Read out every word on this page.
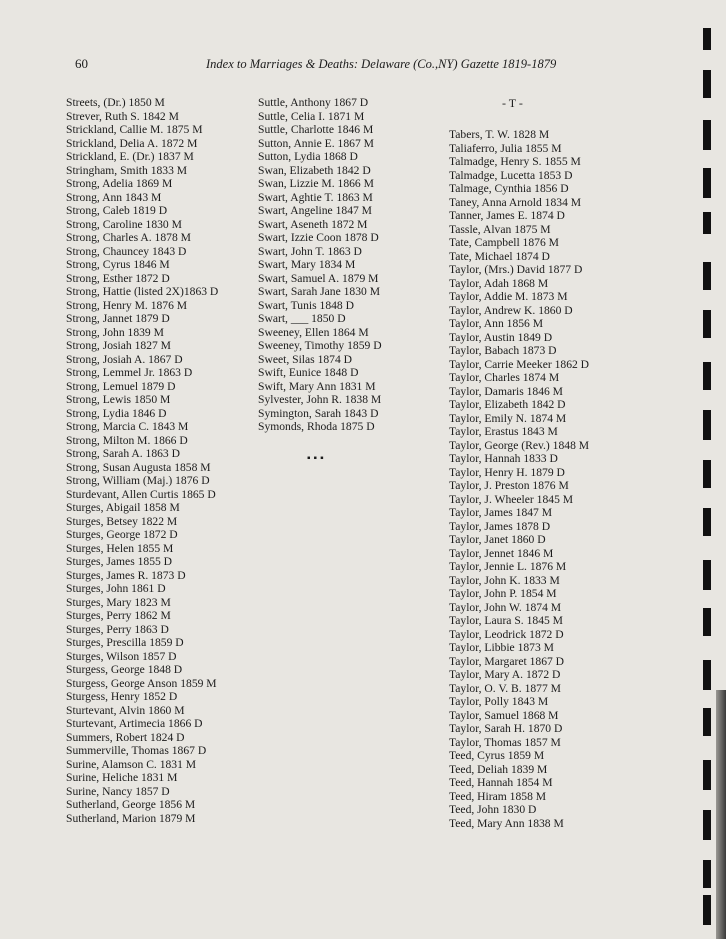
60	Index to Marriages & Deaths: Delaware (Co.,NY) Gazette 1819-1879
Streets, (Dr.) 1850 M
Strever, Ruth S. 1842 M
Strickland, Callie M. 1875 M
Strickland, Delia A. 1872 M
Strickland, E. (Dr.) 1837 M
Stringham, Smith 1833 M
Strong, Adelia 1869 M
Strong, Ann 1843 M
Strong, Caleb 1819 D
Strong, Caroline 1830 M
Strong, Charles A. 1878 M
Strong, Chauncey 1843 D
Strong, Cyrus 1846 M
Strong, Esther 1872 D
Strong, Hattie (listed 2X)1863 D
Strong, Henry M. 1876 M
Strong, Jannet 1879 D
Strong, John 1839 M
Strong, Josiah 1827 M
Strong, Josiah A. 1867 D
Strong, Lemmel Jr. 1863 D
Strong, Lemuel 1879 D
Strong, Lewis 1850 M
Strong, Lydia 1846 D
Strong, Marcia C. 1843 M
Strong, Milton M. 1866 D
Strong, Sarah A. 1863 D
Strong, Susan Augusta 1858 M
Strong, William (Maj.) 1876 D
Sturdevant, Allen Curtis 1865 D
Sturges, Abigail 1858 M
Sturges, Betsey 1822 M
Sturges, George 1872 D
Sturges, Helen 1855 M
Sturges, James 1855 D
Sturges, James R. 1873 D
Sturges, John 1861 D
Sturges, Mary 1823 M
Sturges, Perry 1862 M
Sturges, Perry 1863 D
Sturges, Prescilla 1859 D
Sturges, Wilson 1857 D
Sturgess, George 1848 D
Sturgess, George Anson 1859 M
Sturgess, Henry 1852 D
Sturtevant, Alvin 1860 M
Sturtevant, Artimecia 1866 D
Summers, Robert 1824 D
Summerville, Thomas 1867 D
Surine, Alamson C. 1831 M
Surine, Heliche 1831 M
Surine, Nancy 1857 D
Sutherland, George 1856 M
Sutherland, Marion 1879 M
Suttle, Anthony 1867 D
Suttle, Celia I. 1871 M
Suttle, Charlotte 1846 M
Sutton, Annie E. 1867 M
Sutton, Lydia 1868 D
Swan, Elizabeth 1842 D
Swan, Lizzie M. 1866 M
Swart, Aghtie T. 1863 M
Swart, Angeline 1847 M
Swart, Aseneth 1872 M
Swart, Izzie Coon 1878 D
Swart, John T. 1863 D
Swart, Mary 1834 M
Swart, Samuel A. 1879 M
Swart, Sarah Jane 1830 M
Swart, Tunis 1848 D
Swart, ___ 1850 D
Sweeney, Ellen 1864 M
Sweeney, Timothy 1859 D
Sweet, Silas 1874 D
Swift, Eunice 1848 D
Swift, Mary Ann 1831 M
Sylvester, John R. 1838 M
Symington, Sarah 1843 D
Symonds, Rhoda 1875 D
▪▪▪
- T -
Tabers, T. W. 1828 M
Taliaferro, Julia 1855 M
Talmadge, Henry S. 1855 M
Talmadge, Lucetta 1853 D
Talmage, Cynthia 1856 D
Taney, Anna Arnold 1834 M
Tanner, James E. 1874 D
Tassle, Alvan 1875 M
Tate, Campbell 1876 M
Tate, Michael 1874 D
Taylor, (Mrs.) David 1877 D
Taylor, Adah 1868 M
Taylor, Addie M. 1873 M
Taylor, Andrew K. 1860 D
Taylor, Ann 1856 M
Taylor, Austin 1849 D
Taylor, Babach 1873 D
Taylor, Carrie Meeker 1862 D
Taylor, Charles 1874 M
Taylor, Damaris 1846 M
Taylor, Elizabeth 1842 D
Taylor, Emily N. 1874 M
Taylor, Erastus 1843 M
Taylor, George (Rev.) 1848 M
Taylor, Hannah 1833 D
Taylor, Henry H. 1879 D
Taylor, J. Preston 1876 M
Taylor, J. Wheeler 1845 M
Taylor, James 1847 M
Taylor, James 1878 D
Taylor, Janet 1860 D
Taylor, Jennet 1846 M
Taylor, Jennie L. 1876 M
Taylor, John K. 1833 M
Taylor, John P. 1854 M
Taylor, John W. 1874 M
Taylor, Laura S. 1845 M
Taylor, Leodrick 1872 D
Taylor, Libbie 1873 M
Taylor, Margaret 1867 D
Taylor, Mary A. 1872 D
Taylor, O. V. B. 1877 M
Taylor, Polly 1843 M
Taylor, Samuel 1868 M
Taylor, Sarah H. 1870 D
Taylor, Thomas 1857 M
Teed, Cyrus 1859 M
Teed, Deliah 1839 M
Teed, Hannah 1854 M
Teed, Hiram 1858 M
Teed, John 1830 D
Teed, Mary Ann 1838 M
